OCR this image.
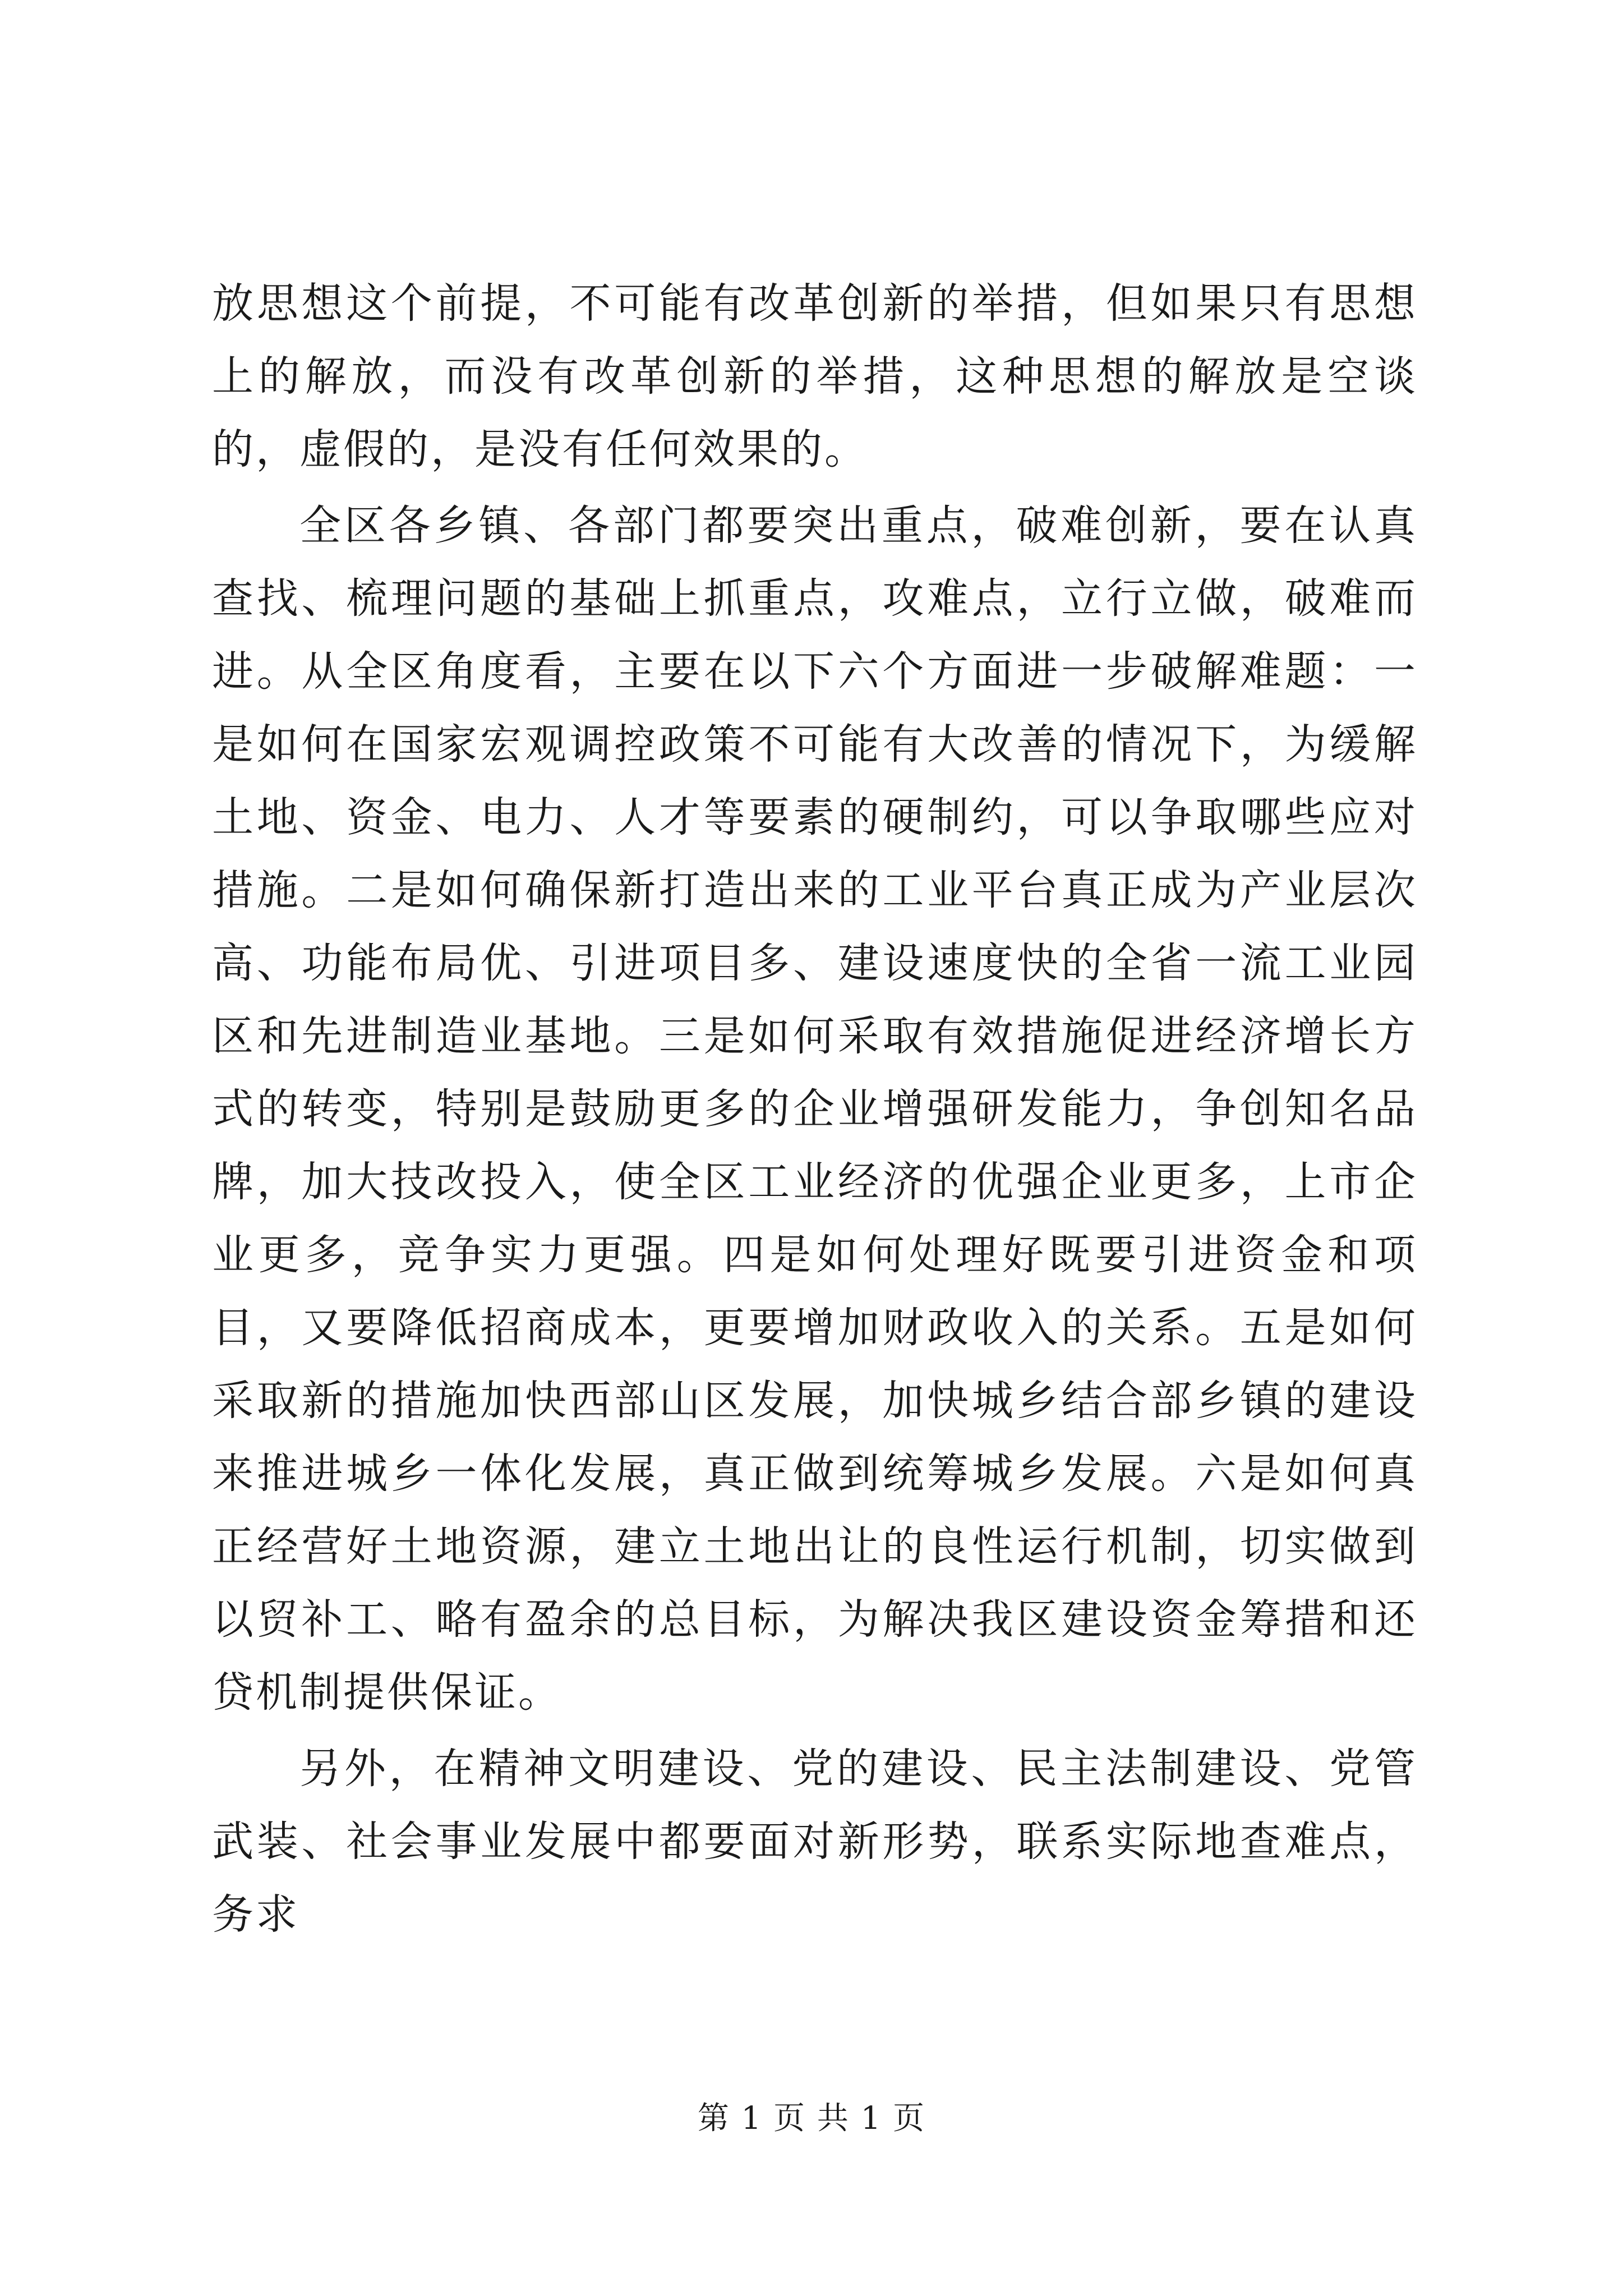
放思想这个前提，不可能有改革创新的举措，但如果只有思想上的解放，而没有改革创新的举措，这种思想的解放是空谈的，虚假的，是没有任何效果的。

全区各乡镇、各部门都要突出重点，破难创新，要在认真查找、梳理问题的基础上抓重点，攻难点，立行立做，破难而进。从全区角度看，主要在以下六个方面进一步破解难题：一是如何在国家宏观调控政策不可能有大改善的情况下，为缓解土地、资金、电力、人才等要素的硬制约，可以争取哪些应对措施。二是如何确保新打造出来的工业平台真正成为产业层次高、功能布局优、引进项目多、建设速度快的全省一流工业园区和先进制造业基地。三是如何采取有效措施促进经济增长方式的转变，特别是鼓励更多的企业增强研发能力，争创知名品牌，加大技改投入，使全区工业经济的优强企业更多，上市企业更多，竞争实力更强。四是如何处理好既要引进资金和项目，又要降低招商成本，更要增加财政收入的关系。五是如何采取新的措施加快西部山区发展，加快城乡结合部乡镇的建设来推进城乡一体化发展，真正做到统筹城乡发展。六是如何真正经营好土地资源，建立土地出让的良性运行机制，切实做到以贸补工、略有盈余的总目标，为解决我区建设资金筹措和还贷机制提供保证。

另外，在精神文明建设、党的建设、民主法制建设、党管武装、社会事业发展中都要面对新形势，联系实际地查难点，务求

第 1 页 共 1 页
